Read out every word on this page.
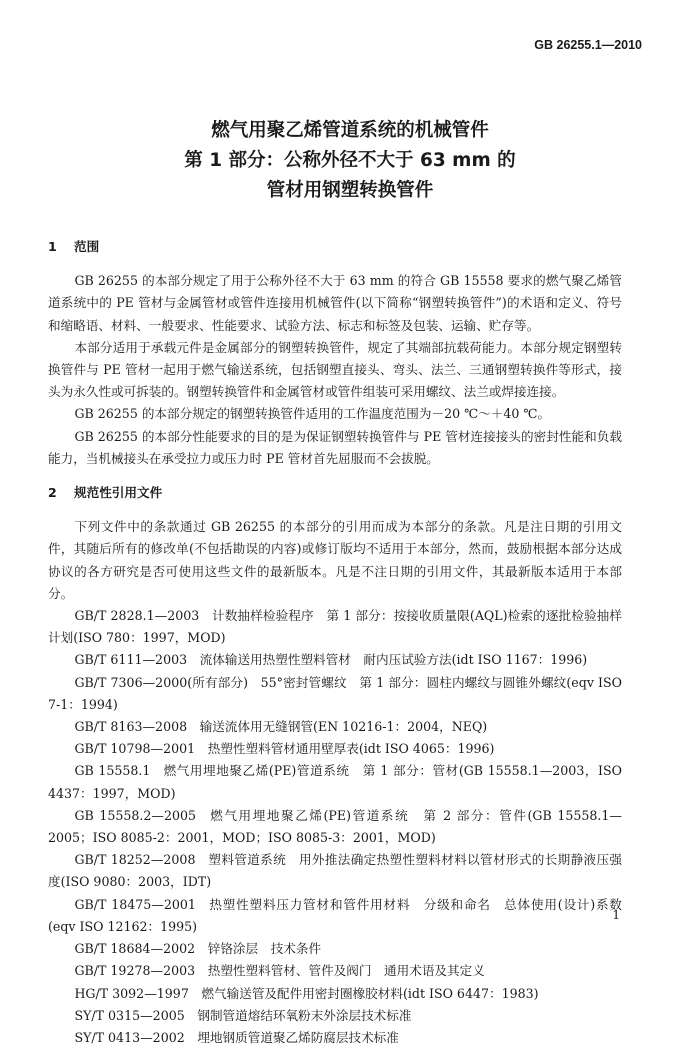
GB 26255.1—2010
燃气用聚乙烯管道系统的机械管件
第 1 部分：公称外径不大于 63 mm 的
管材用钢塑转换管件
1 范围

GB 26255 的本部分规定了用于公称外径不大于 63 mm 的符合 GB 15558 要求的燃气聚乙烯管道系统中的 PE 管材与金属管材或管件连接用机械管件(以下简称“钢塑转换管件”)的术语和定义、符号和缩略语、材料、一般要求、性能要求、试验方法、标志和标签及包装、运输、贮存等。

本部分适用于承载元件是金属部分的钢塑转换管件，规定了其端部抗载荷能力。本部分规定钢塑转换管件与 PE 管材一起用于燃气输送系统，包括钢塑直接头、弯头、法兰、三通钢塑转换件等形式，接头为永久性或可拆装的。钢塑转换管件和金属管材或管件组装可采用螺纹、法兰或焊接连接。

GB 26255 的本部分规定的钢塑转换管件适用的工作温度范围为－20 ℃～＋40 ℃。

GB 26255 的本部分性能要求的目的是为保证钢塑转换管件与 PE 管材连接接头的密封性能和负载能力，当机械接头在承受拉力或压力时 PE 管材首先屈服而不会拔脱。

2 规范性引用文件

下列文件中的条款通过 GB 26255 的本部分的引用而成为本部分的条款。凡是注日期的引用文件，其随后所有的修改单(不包括勘误的内容)或修订版均不适用于本部分，然而，鼓励根据本部分达成协议的各方研究是否可使用这些文件的最新版本。凡是不注日期的引用文件，其最新版本适用于本部分。

GB/T 2828.1—2003 计数抽样检验程序　第 1 部分：按接收质量限(AQL)检索的逐批检验抽样计划(ISO 780：1997，MOD)

GB/T 6111—2003 流体输送用热塑性塑料管材　耐内压试验方法(idt ISO 1167：1996)

GB/T 7306—2000(所有部分) 55°密封管螺纹　第 1 部分：圆柱内螺纹与圆锥外螺纹(eqv ISO 7-1：1994)

GB/T 8163—2008 输送流体用无缝钢管(EN 10216-1：2004，NEQ)

GB/T 10798—2001 热塑性塑料管材通用壁厚表(idt ISO 4065：1996)

GB 15558.1 燃气用埋地聚乙烯(PE)管道系统　第 1 部分：管材(GB 15558.1—2003，ISO 4437：1997，MOD)

GB 15558.2—2005 燃气用埋地聚乙烯(PE)管道系统　第 2 部分：管件(GB 15558.1—2005；ISO 8085-2：2001，MOD；ISO 8085-3：2001，MOD)

GB/T 18252—2008 塑料管道系统　用外推法确定热塑性塑料材料以管材形式的长期静液压强度(ISO 9080：2003，IDT)

GB/T 18475—2001 热塑性塑料压力管材和管件用材料　分级和命名　总体使用(设计)系数(eqv ISO 12162：1995)

GB/T 18684—2002 锌铬涂层　技术条件

GB/T 19278—2003 热塑性塑料管材、管件及阀门　通用术语及其定义

HG/T 3092—1997 燃气输送管及配件用密封圈橡胶材料(idt ISO 6447：1983)

SY/T 0315—2005 钢制管道熔结环氧粉末外涂层技术标准

SY/T 0413—2002 埋地钢质管道聚乙烯防腐层技术标准

1
